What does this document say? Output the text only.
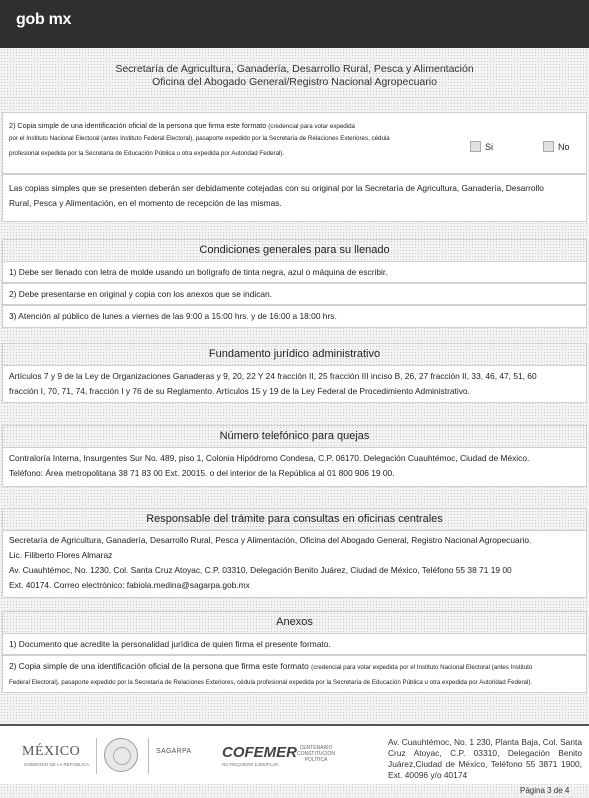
gob mx
Secretaría de Agricultura, Ganadería, Desarrollo Rural, Pesca y Alimentación
Oficina del Abogado General/Registro Nacional Agropecuario
2) Copia simple de una identificación oficial de la persona que firma este formato (credencial para votar expedida
por el Instituto Nacional Electoral (antes Instituto Federal Electoral), pasaporte expedido por la Secretaría de Relaciones Exteriores, cédula
profesional expedida por la Secretaría de Educación Pública u otra expedida por Autoridad Federal).
Si	No
Las copias simples que se presenten deberán ser debidamente cotejadas con su original por la Secretaría de Agricultura, Ganadería, Desarrollo
Rural, Pesca y Alimentación, en el momento de recepción de las mismas.
Condiciones generales para su llenado
1) Debe ser llenado con letra de molde usando un bolígrafo de tinta negra, azul o máquina de escribir.
2) Debe presentarse en original y copia con los anexos que se indican.
3) Atención al público de lunes a viernes de las 9:00 a 15:00 hrs. y de 16:00 a 18:00 hrs.
Fundamento jurídico administrativo
Artículos 7 y 9 de la Ley de Organizaciones Ganaderas y 9, 20, 22 Y 24 fracción II, 25 fracción III inciso B, 26, 27 fracción II, 33, 46, 47, 51, 60
fracción I, 70, 71, 74, fracción I y 76 de su Reglamento. Artículos 15 y 19 de la Ley Federal de Procedimiento Administrativo.
Número telefónico para quejas
Contraloría Interna, Insurgentes Sur No. 489, piso 1, Colonia Hipódromo Condesa, C.P. 06170. Delegación Cuauhtémoc, Ciudad de México.
Teléfono: Área metropolitana 38 71 83 00 Ext. 20015. o del interior de la República al 01 800 906 19 00.
Responsable del trámite para consultas en oficinas centrales
Secretaría de Agricultura, Ganadería, Desarrollo Rural, Pesca y Alimentación, Oficina del Abogado General, Registro Nacional Agropecuario.
Lic. Filiberto Flores Almaraz
Av. Cuauhtémoc, No. 1230, Col. Santa Cruz Atoyac, C.P. 03310, Delegación Benito Juárez, Ciudad de México, Teléfono 55 38 71 19 00
Ext. 40174. Correo electrónico: fabiola.medina@sagarpa.gob.mx
Anexos
1) Documento que acredite la personalidad jurídica de quien firma el presente formato.
2) Copia simple de una identificación oficial de la persona que firma este formato (credencial para votar expedida por el Instituto Nacional Electoral (antes Instituto
Federal Electoral), pasaporte expedido por la Secretaría de Relaciones Exteriores, cédula profesional expedida por la Secretaría de Educación Pública u otra expedida por Autoridad Federal).
MÉXICO
GOBIERNO DE LA REPÚBLICA
SAGARPA COFEMER
NO REQUIERE EJEMPLAR
CENTENARIO CONSTITUCIÓN POLÍTICA
Av. Cuauhtémoc, No. 1 230, Planta Baja, Col. Santa Cruz Atoyac, C.P. 03310, Delegación Benito Juárez,Ciudad de México, Teléfono 55 3871 1900, Ext. 40096 y/o 40174
Página 3 de 4
